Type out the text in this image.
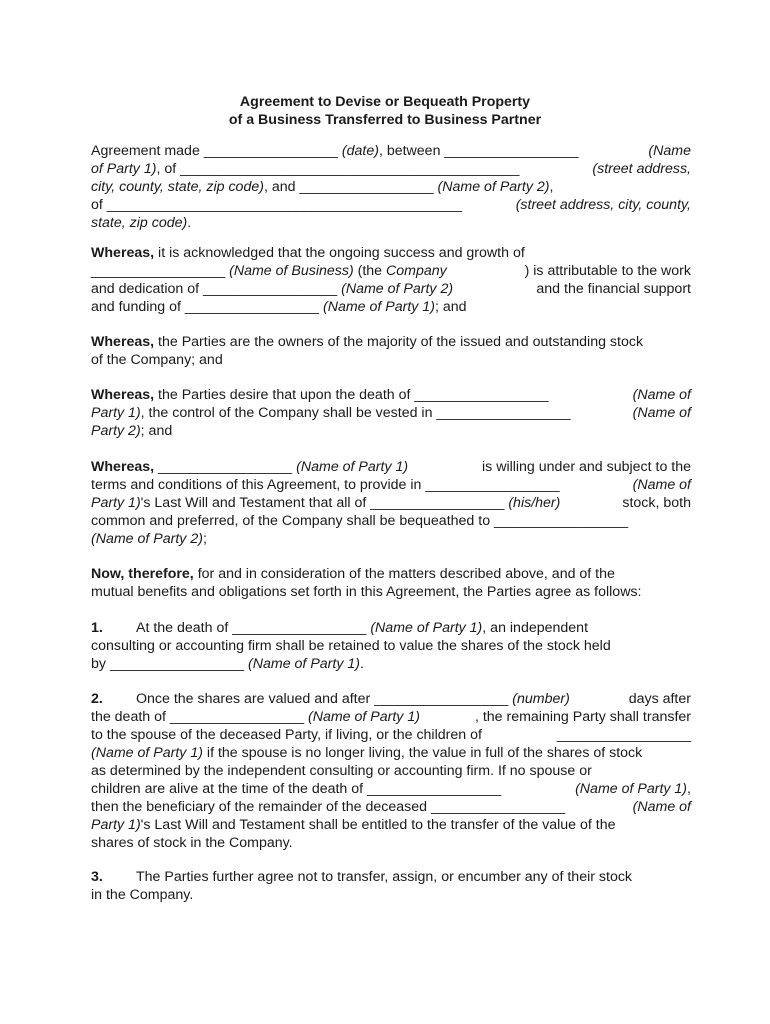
Agreement to Devise or Bequeath Property
of a Business Transferred to Business Partner
Agreement made _________________ (date), between _________________	(Name
of Party 1), of ___________________________________________	(street address,
city, county, state, zip code), and _________________ (Name of Party 2),
of _____________________________________________	(street address, city, county,
state, zip code).
Whereas, it is acknowledged that the ongoing success and growth of
_________________ (Name of Business) (the Company	) is attributable to the work
and dedication of _________________ (Name of Party 2)	and the financial support
and funding of _________________ (Name of Party 1); and
Whereas, the Parties are the owners of the majority of the issued and outstanding stock
of the Company; and
Whereas, the Parties desire that upon the death of _________________	(Name of
Party 1), the control of the Company shall be vested in _________________	(Name of
Party 2); and
Whereas, _________________ (Name of Party 1)	is willing under and subject to the
terms and conditions of this Agreement, to provide in _________________	(Name of
Party 1)'s Last Will and Testament that all of _________________ (his/her)	stock, both
common and preferred, of the Company shall be bequeathed to _________________
(Name of Party 2);
Now, therefore, for and in consideration of the matters described above, and of the
mutual benefits and obligations set forth in this Agreement, the Parties agree as follows:
1. At the death of _________________ (Name of Party 1), an independent
consulting or accounting firm shall be retained to value the shares of the stock held
by _________________ (Name of Party 1).
2. Once the shares are valued and after _________________ (number)	days after
the death of _________________ (Name of Party 1)	, the remaining Party shall transfer
to the spouse of the deceased Party, if living, or the children of	_________________
(Name of Party 1) if the spouse is no longer living, the value in full of the shares of stock
as determined by the independent consulting or accounting firm. If no spouse or
children are alive at the time of the death of _________________	(Name of Party 1),
then the beneficiary of the remainder of the deceased _________________	(Name of
Party 1)'s Last Will and Testament shall be entitled to the transfer of the value of the
shares of stock in the Company.
3. The Parties further agree not to transfer, assign, or encumber any of their stock
in the Company.
